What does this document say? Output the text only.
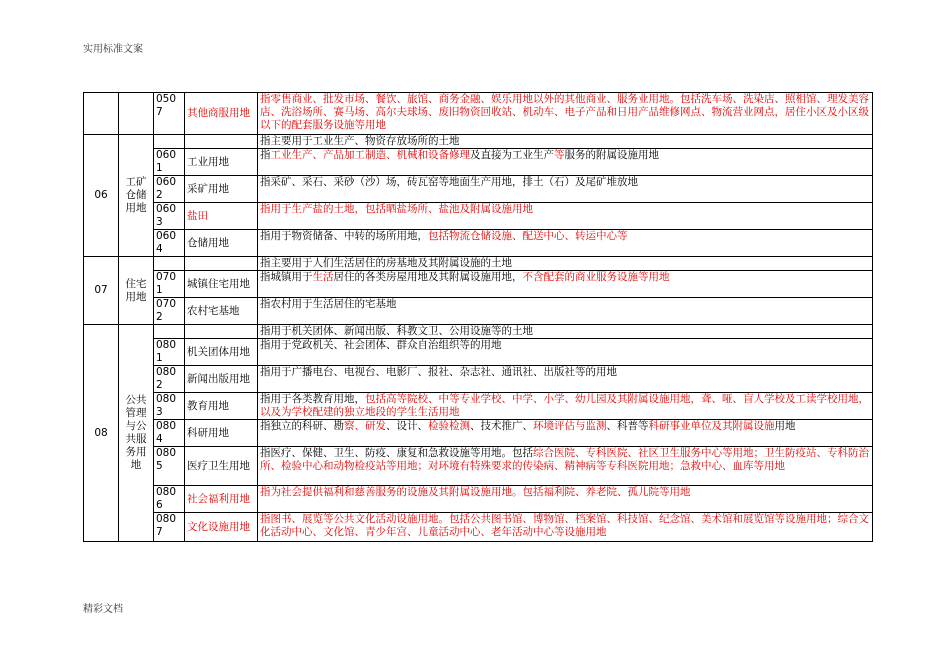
实用标准文案
		0507	其他商服用地	指零售商业、批发市场、餐饮、旅馆、商务金融、娱乐用地以外的其他商业、服务业用地。包括洗车场、洗染店、照相馆、理发美容店、洗浴场所、赛马场、高尔夫球场、废旧物资回收站、机动车、电子产品和日用产品维修网点、物流营业网点，居住小区及小区级以下的配套服务设施等用地
06	工矿仓储用地			指主要用于工业生产、物资存放场所的土地
		0601	工业用地	指工业生产、产品加工制造、机械和设备修理及直接为工业生产等服务的附属设施用地
		0602	采矿用地	指采矿、采石、采砂（沙）场，砖瓦窑等地面生产用地，排土（石）及尾矿堆放地
		0603	盐田	指用于生产盐的土地，包括晒盐场所、盐池及附属设施用地
		0604	仓储用地	指用于物资储备、中转的场所用地，包括物流仓储设施、配送中心、转运中心等
07	住宅用地			指主要用于人们生活居住的房基地及其附属设施的土地
		0701	城镇住宅用地	指城镇用于生活居住的各类房屋用地及其附属设施用地，不含配套的商业服务设施等用地
		0702	农村宅基地	指农村用于生活居住的宅基地
08	公共管理与公共服务用地			指用于机关团体、新闻出版、科教文卫、公用设施等的土地
		0801	机关团体用地	指用于党政机关、社会团体、群众自治组织等的用地
		0802	新闻出版用地	指用于广播电台、电视台、电影厂、报社、杂志社、通讯社、出版社等的用地
		0803	教育用地	指用于各类教育用地，包括高等院校、中等专业学校、中学、小学、幼儿园及其附属设施用地，聋、哑、盲人学校及工读学校用地，以及为学校配建的独立地段的学生生活用地
		0804	科研用地	指独立的科研、勘察、研发、设计、检验检测、技术推广、环境评估与监测、科普等科研事业单位及其附属设施用地
		0805	医疗卫生用地	指医疗、保健、卫生、防疫、康复和急救设施等用地。包括综合医院、专科医院、社区卫生服务中心等用地；卫生防疫站、专科防治所、检验中心和动物检疫站等用地；对环境有特殊要求的传染病、精神病等专科医院用地；急救中心、血库等用地
		0806	社会福利用地	指为社会提供福利和慈善服务的设施及其附属设施用地。包括福利院、养老院、孤儿院等用地
		0807	文化设施用地	指图书、展览等公共文化活动设施用地。包括公共图书馆、博物馆、档案馆、科技馆、纪念馆、美术馆和展览馆等设施用地；综合文化活动中心、文化馆、青少年宫、儿童活动中心、老年活动中心等设施用地
精彩文档
